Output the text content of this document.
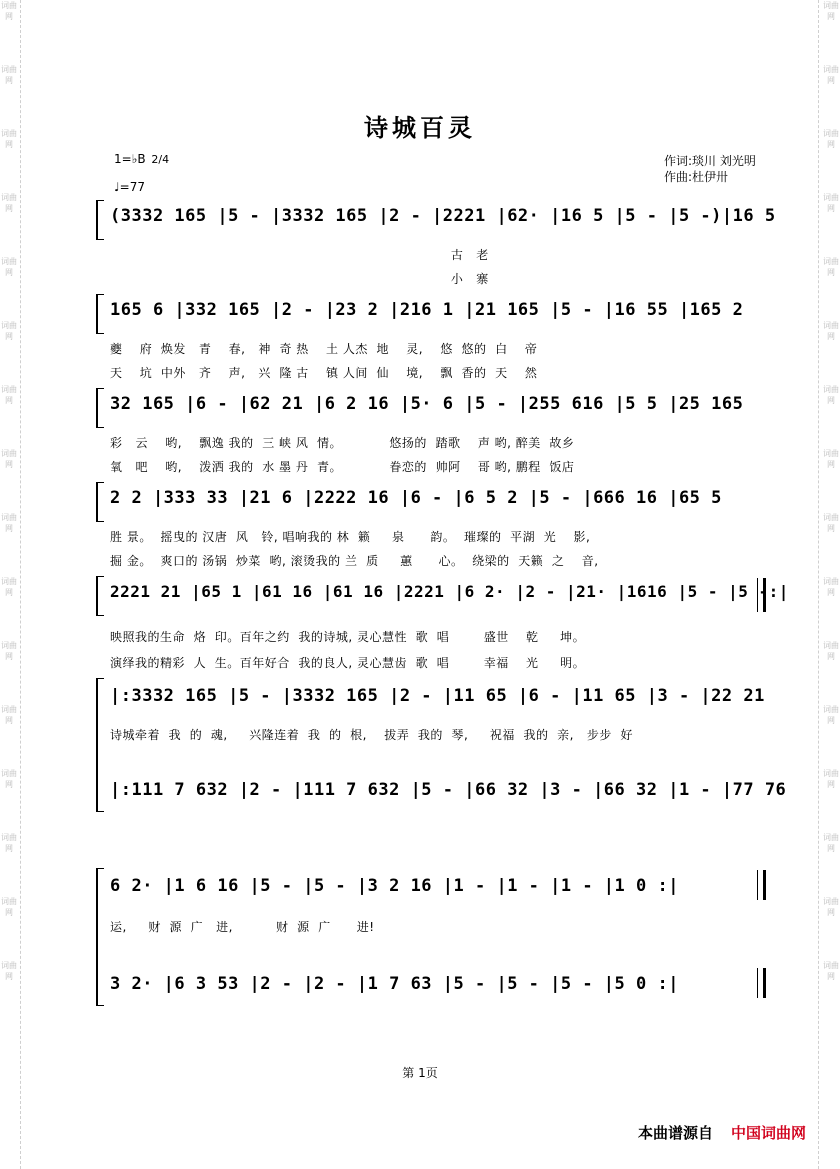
词曲网
词曲网
词曲网
词曲网
词曲网
词曲网
词曲网
词曲网
词曲网
词曲网
词曲网
词曲网
词曲网
词曲网
词曲网
词曲网
词曲网
词曲网
词曲网
词曲网
词曲网
词曲网
词曲网
词曲网
词曲网
词曲网
词曲网
词曲网
词曲网
词曲网
词曲网
词曲网
诗城百灵
1=♭B 2/4
♩=77
作词:琰川 刘光明
作曲:杜伊卅
(3332 165 |5 - |3332 165 |2 - |2221 |62· |16 5 |5 - |5 -)|16 5
古   老
小   寨
165 6 |332 165 |2 - |23 2 |216 1 |21 165 |5 - |16 55 |165 2
夔    府  焕发   青    春,   神  奇 热    土 人杰  地    灵,    悠  悠的  白    帝
天    坑  中外   齐    声,   兴  隆 古    镇 人间  仙    境,    飘  香的  天    然
32 165 |6 - |62 21 |6 2 16 |5· 6 |5 - |255 616 |5 5 |25 165
彩   云    哟,    飘逸 我的  三 峡 风  情。           悠扬的  踏歌    声 哟, 醉美  故乡
氧   吧    哟,    泼洒 我的  水 墨 丹  青。           眷恋的  帅阿    哥 哟, 鹏程  饭店
2 2 |333 33 |21 6 |2222 16 |6 - |6 5 2 |5 - |666 16 |65 5
胜 景。  摇曳的 汉唐  风   铃, 唱响我的 林  籁     泉      韵。  璀璨的  平湖  光    影,
掘 金。  爽口的 汤锅  炒菜  哟, 滚烫我的 兰  质     蕙      心。  绕梁的  天籁  之    音,
2221 21 |65 1 |61 16 |61 16 |2221 |6 2· |2 - |21· |1616 |5 - |5 -:|
映照我的生命  烙  印。百年之约  我的诗城, 灵心慧性  歌  唱        盛世    乾     坤。
演绎我的精彩  人  生。百年好合  我的良人, 灵心慧齿  歌  唱        幸福    光     明。
|:3332 165 |5 - |3332 165 |2 - |11 65 |6 - |11 65 |3 - |22 21
诗城牵着  我  的  魂,     兴隆连着  我  的  根,    拔弄  我的  琴,     祝福  我的  亲,   步步  好
|:111 7 632 |2 - |111 7 632 |5 - |66 32 |3 - |66 32 |1 - |77 76
6 2· |1 6 16 |5 - |5 - |3 2 16 |1 - |1 - |1 - |1 0 :|
运,     财  源  广   进,          财  源  广      进!
3 2· |6 3 53 |2 - |2 - |1 7 63 |5 - |5 - |5 - |5 0 :|
第 1页
本曲谱源自 中国词曲网
